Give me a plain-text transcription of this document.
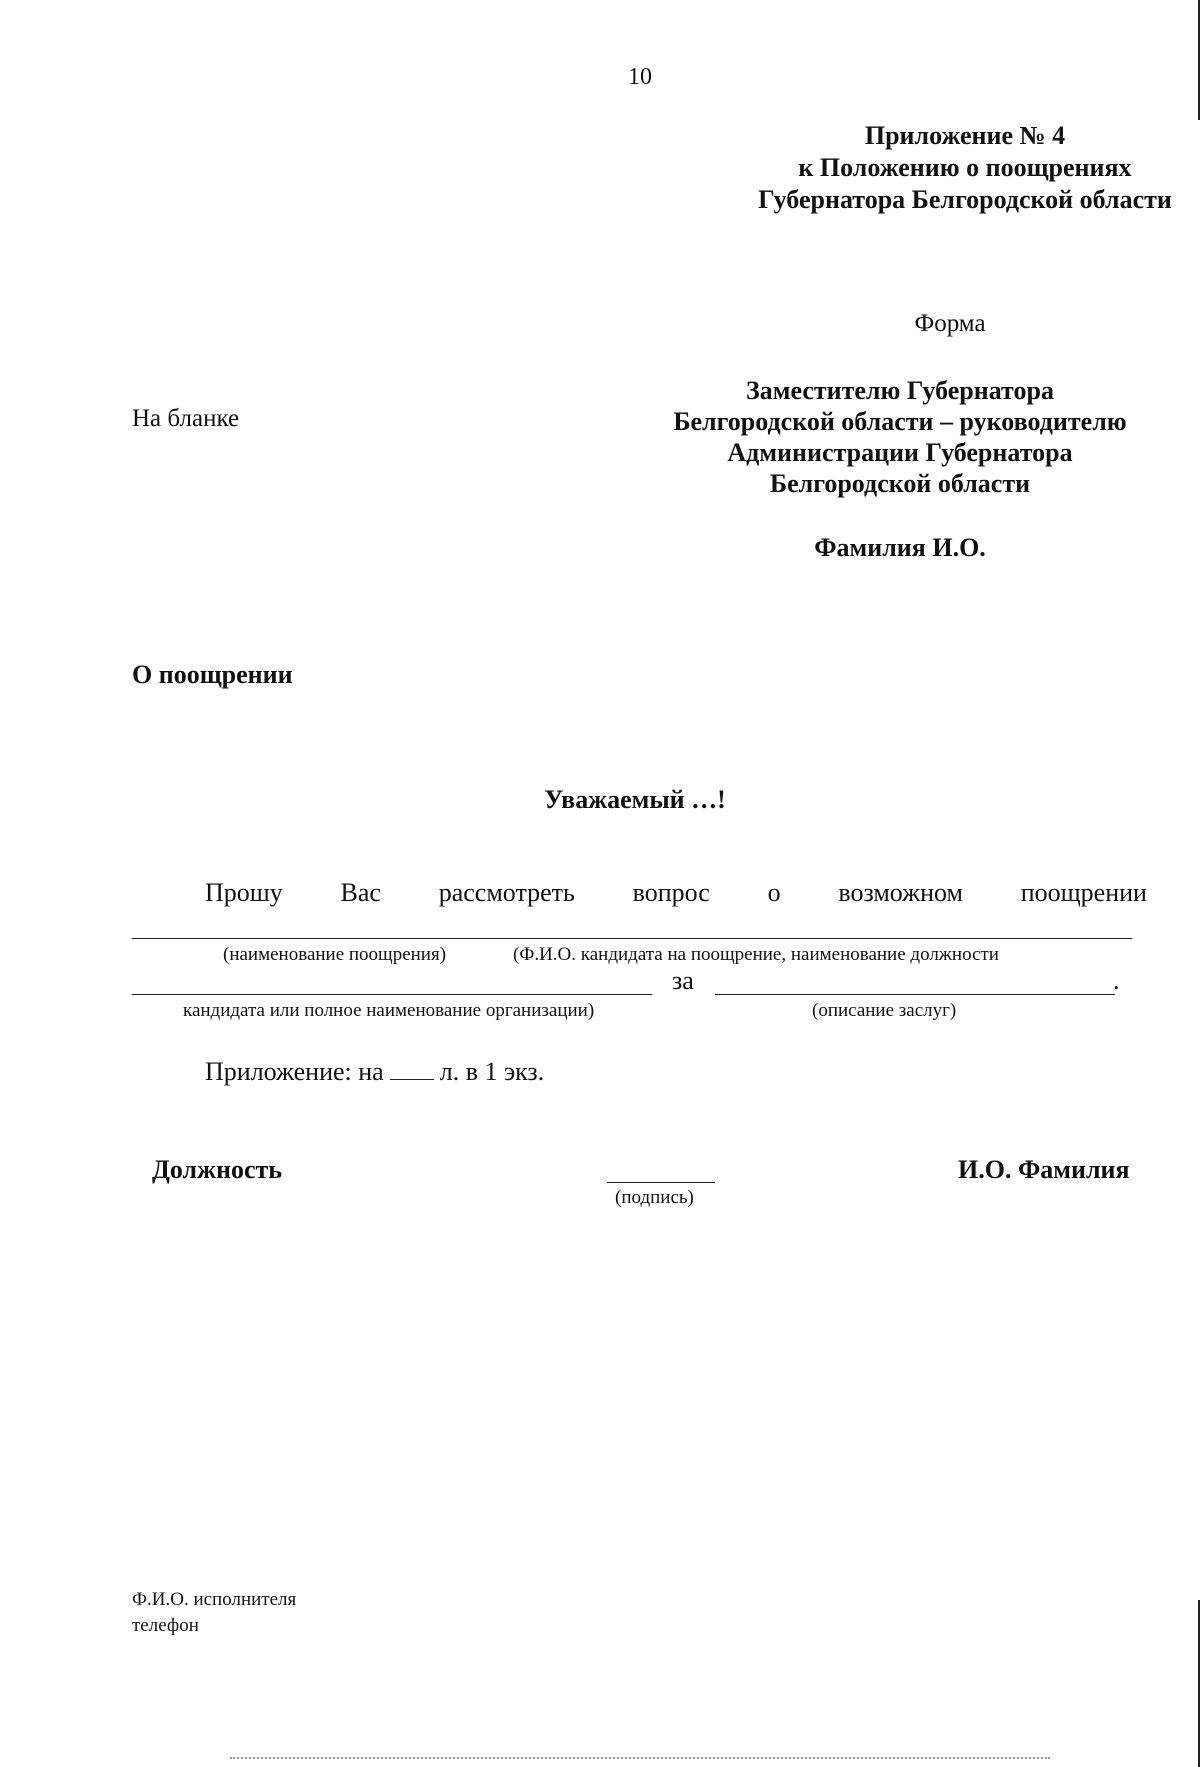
10
Приложение № 4
к Положению о поощрениях
Губернатора Белгородской области
Форма
На бланке
Заместителю Губернатора
Белгородской области – руководителю
Администрации Губернатора
Белгородской области
Фамилия И.О.
О поощрении
Уважаемый …!
Прошу Вас рассмотреть вопрос о возможном поощрении
(наименование поощрения)	(Ф.И.О. кандидата на поощрение, наименование должности
за	.
кандидата или полное наименование организации)	(описание заслуг)
Приложение: на л. в 1 экз.
Должность
(подпись)
И.О. Фамилия
Ф.И.О. исполнителя
телефон
